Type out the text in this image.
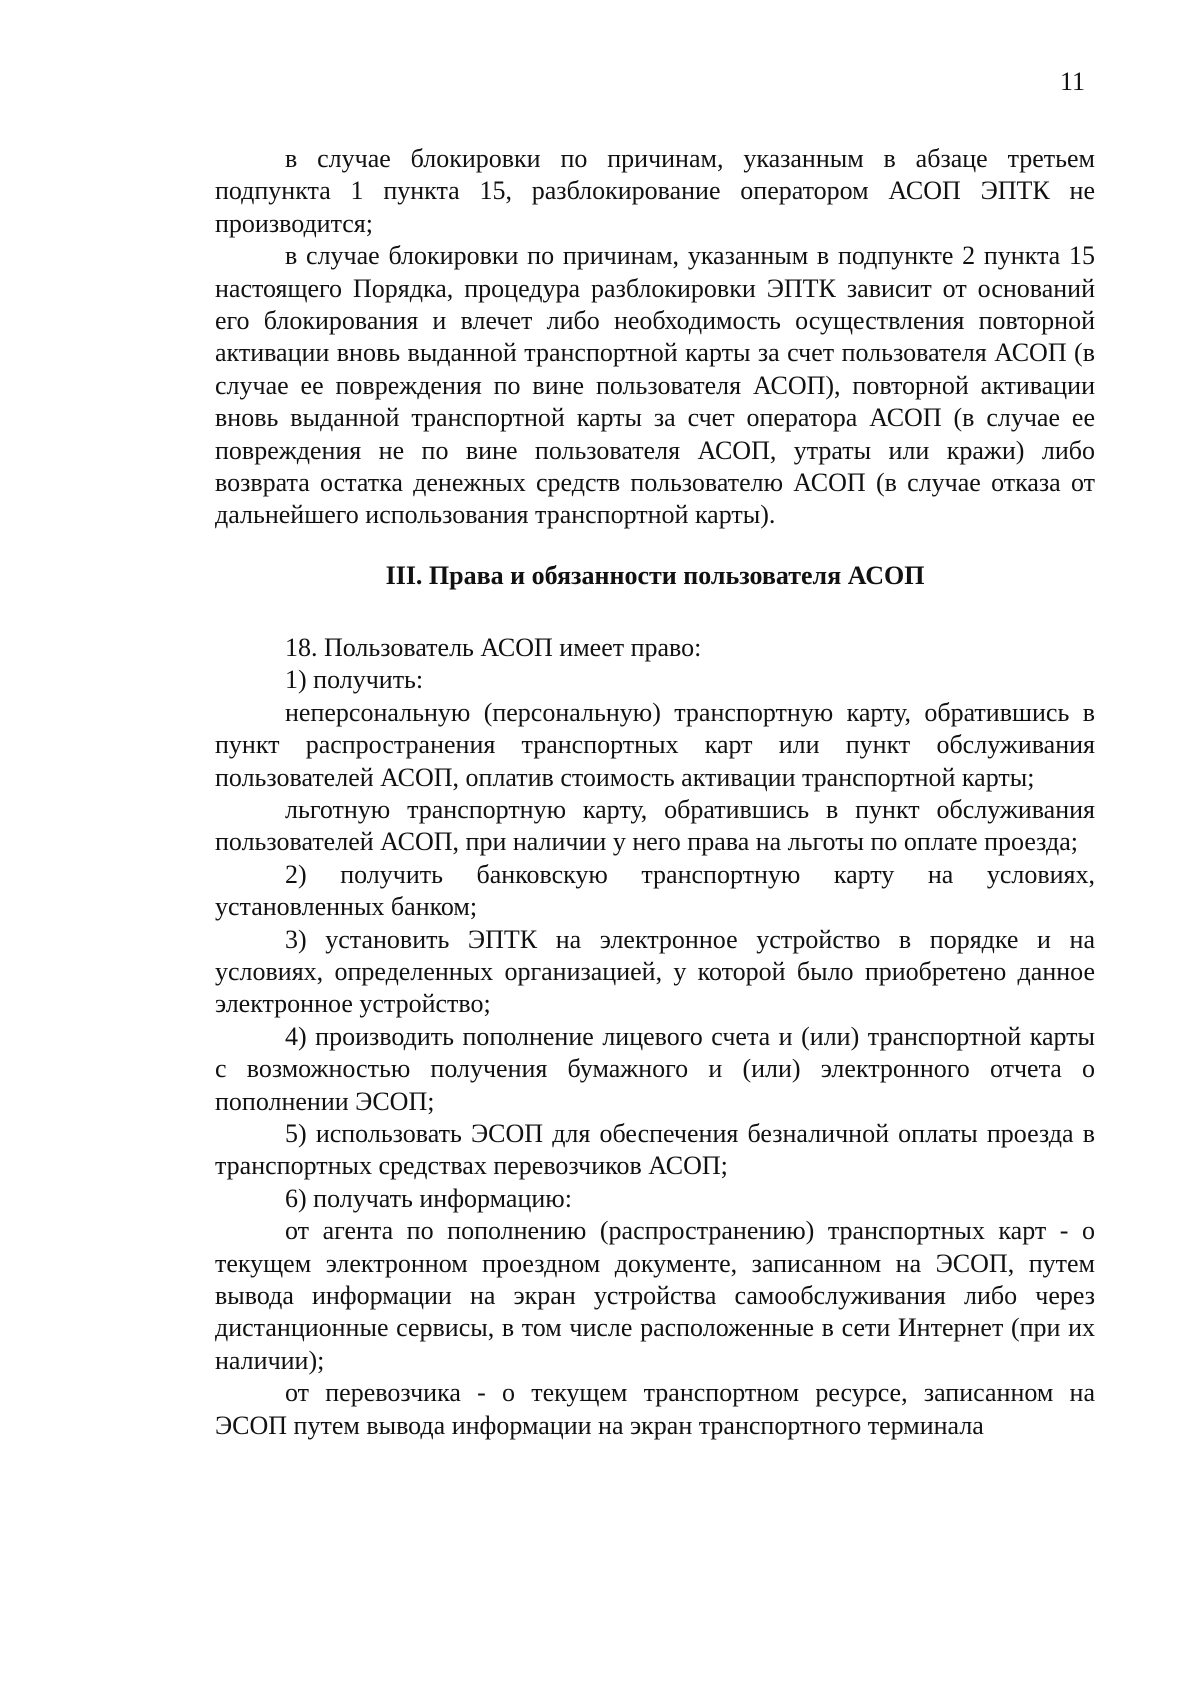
11

в случае блокировки по причинам, указанным в абзаце третьем подпункта 1 пункта 15, разблокирование оператором АСОП ЭПТК не производится;

в случае блокировки по причинам, указанным в подпункте 2 пункта 15 настоящего Порядка, процедура разблокировки ЭПТК зависит от оснований его блокирования и влечет либо необходимость осуществления повторной активации вновь выданной транспортной карты за счет пользователя АСОП (в случае ее повреждения по вине пользователя АСОП), повторной активации вновь выданной транспортной карты за счет оператора АСОП (в случае ее повреждения не по вине пользователя АСОП, утраты или кражи) либо возврата остатка денежных средств пользователю АСОП (в случае отказа от дальнейшего использования транспортной карты).

III. Права и обязанности пользователя АСОП

18. Пользователь АСОП имеет право:

1) получить:

неперсональную (персональную) транспортную карту, обратившись в пункт распространения транспортных карт или пункт обслуживания пользователей АСОП, оплатив стоимость активации транспортной карты;

льготную транспортную карту, обратившись в пункт обслуживания пользователей АСОП, при наличии у него права на льготы по оплате проезда;

2) получить банковскую транспортную карту на условиях, установленных банком;

3) установить ЭПТК на электронное устройство в порядке и на условиях, определенных организацией, у которой было приобретено данное электронное устройство;

4) производить пополнение лицевого счета и (или) транспортной карты с возможностью получения бумажного и (или) электронного отчета о пополнении ЭСОП;

5) использовать ЭСОП для обеспечения безналичной оплаты проезда в транспортных средствах перевозчиков АСОП;

6) получать информацию:

от агента по пополнению (распространению) транспортных карт - о текущем электронном проездном документе, записанном на ЭСОП, путем вывода информации на экран устройства самообслуживания либо через дистанционные сервисы, в том числе расположенные в сети Интернет (при их наличии);

от перевозчика - о текущем транспортном ресурсе, записанном на ЭСОП путем вывода информации на экран транспортного терминала
